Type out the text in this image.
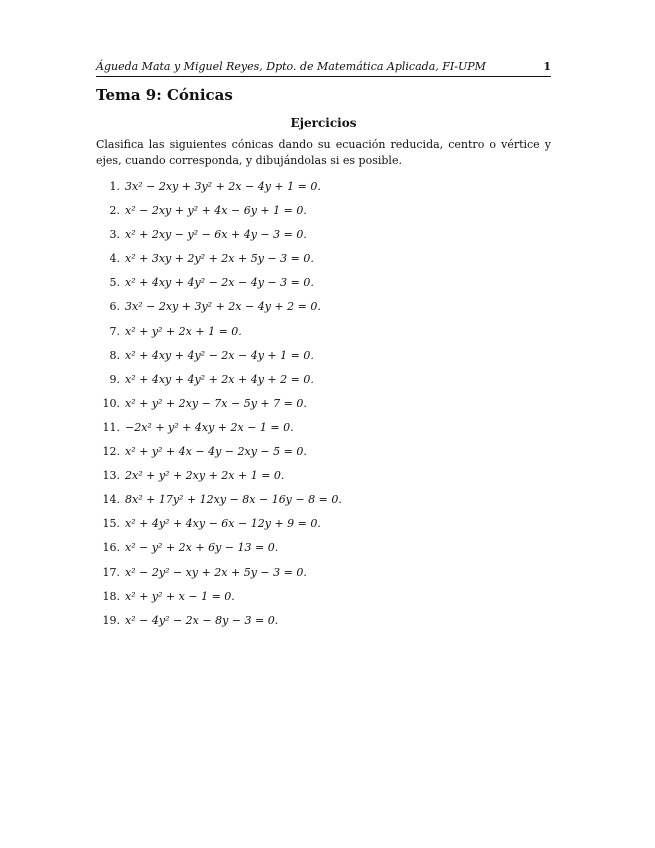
Águeda Mata y Miguel Reyes, Dpto. de Matemática Aplicada, FI-UPM	1
Tema 9: Cónicas
Ejercicios
Clasifica las siguientes cónicas dando su ecuación reducida, centro o vértice y ejes, cuando corresponda, y dibujándolas si es posible.
1. 3x² − 2xy + 3y² + 2x − 4y + 1 = 0.
2. x² − 2xy + y² + 4x − 6y + 1 = 0.
3. x² + 2xy − y² − 6x + 4y − 3 = 0.
4. x² + 3xy + 2y² + 2x + 5y − 3 = 0.
5. x² + 4xy + 4y² − 2x − 4y − 3 = 0.
6. 3x² − 2xy + 3y² + 2x − 4y + 2 = 0.
7. x² + y² + 2x + 1 = 0.
8. x² + 4xy + 4y² − 2x − 4y + 1 = 0.
9. x² + 4xy + 4y² + 2x + 4y + 2 = 0.
10. x² + y² + 2xy − 7x − 5y + 7 = 0.
11. −2x² + y² + 4xy + 2x − 1 = 0.
12. x² + y² + 4x − 4y − 2xy − 5 = 0.
13. 2x² + y² + 2xy + 2x + 1 = 0.
14. 8x² + 17y² + 12xy − 8x − 16y − 8 = 0.
15. x² + 4y² + 4xy − 6x − 12y + 9 = 0.
16. x² − y² + 2x + 6y − 13 = 0.
17. x² − 2y² − xy + 2x + 5y − 3 = 0.
18. x² + y² + x − 1 = 0.
19. x² − 4y² − 2x − 8y − 3 = 0.
